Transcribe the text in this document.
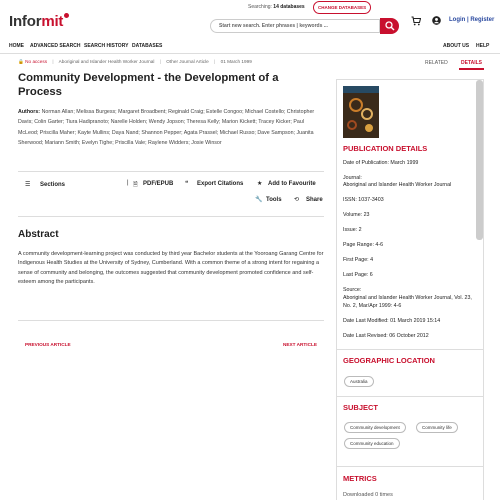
Informit
Searching: 14 databases	CHANGE DATABASES
Start new search. Enter phrases | keywords ...
Login | Register
HOME ADVANCED SEARCH SEARCH HISTORY DATABASES	ABOUT US HELP
🔒 No access | Aboriginal and Islander Health Worker Journal | Other Journal Article | 01 March 1999
Community Development - the Development of a Process
Authors: Norman Allan; Melissa Burgess; Margaret Broadbent; Reginald Craig; Estelle Congoo; Michael Costello; Christopher Davis; Colin Garter; Tiura Hadipranoto; Narelle Holden; Wendy Jopson; Theresa Kelly; Marion Kickett; Tracey Kicker; Paul McLeod; Priscilla Maher; Kayte Mullins; Daya Nand; Shannon Pepper; Agata Prassel; Michael Russo; Dave Sampson; Juanita Sherwood; Mariann Smith; Evelyn Tighe; Priscilla Vale; Raylene Widders; Josie Winsor
☰ Sections	| 🗎 PDF/EPUB ❝ Export Citations ★ Add to Favourite
🔧 Tools ⟲ Share
Abstract

A community development-learning project was conducted by third year Bachelor students at the Yooroang Garang Centre for Indigenous Health Studies at the University of Sydney, Cumberland. With a common theme of a strong intent for regaining a sense of community and belonging, the outcomes suggested that community development promoted confidence and self-esteem among the participants.

PREVIOUS ARTICLE	NEXT ARTICLE
RELATED	DETAILS
PUBLICATION DETAILS
Date of Publication: March 1999
Journal:
Aboriginal and Islander Health Worker Journal
ISSN: 1037-3403
Volume: 23
Issue: 2
Page Range: 4-6
First Page: 4
Last Page: 6
Source:
Aboriginal and Islander Health Worker Journal, Vol. 23, No. 2, Mar/Apr 1999: 4-6
Date Last Modified: 01 March 2019 15:14
Date Last Revised: 06 October 2012
GEOGRAPHIC LOCATION
Australia
SUBJECT
Community development	Community life
Community education
METRICS
Downloaded 0 times
